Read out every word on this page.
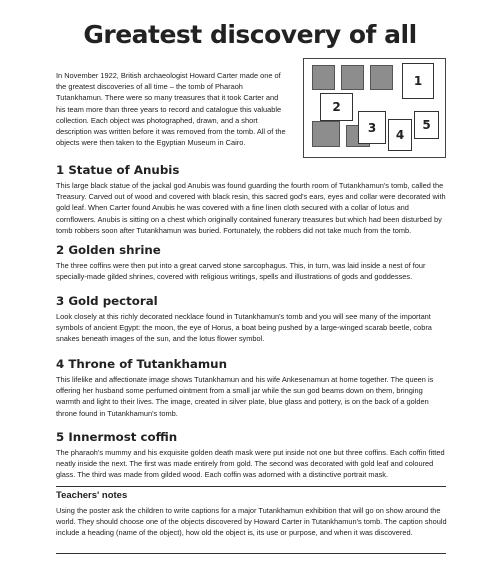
Greatest discovery of all
In November 1922, British archaeologist Howard Carter made one of the greatest discoveries of all time – the tomb of Pharaoh Tutankhamun. There were so many treasures that it took Carter and his team more than three years to record and catalogue this valuable collection. Each object was photographed, drawn, and a short description was written before it was removed from the tomb. All of the objects were then taken to the Egyptian Museum in Cairo.
1
2
3
4
5
1 Statue of Anubis

This large black statue of the jackal god Anubis was found guarding the fourth room of Tutankhamun's tomb, called the Treasury. Carved out of wood and covered with black resin, this sacred god's ears, eyes and collar were decorated with gold leaf. When Carter found Anubis he was covered with a fine linen cloth secured with a collar of lotus and cornflowers. Anubis is sitting on a chest which originally contained funerary treasures but which had been disturbed by tomb robbers soon after Tutankhamun was buried. Fortunately, the robbers did not take much from the tomb.

2 Golden shrine

The three coffins were then put into a great carved stone sarcophagus. This, in turn, was laid inside a nest of four specially-made gilded shrines, covered with religious writings, spells and illustrations of gods and goddesses.

3 Gold pectoral

Look closely at this richly decorated necklace found in Tutankhamun's tomb and you will see many of the important symbols of ancient Egypt: the moon, the eye of Horus, a boat being pushed by a large-winged scarab beetle, cobra snakes beneath images of the sun, and the lotus flower symbol.

4 Throne of Tutankhamun

This lifelike and affectionate image shows Tutankhamun and his wife Ankesenamun at home together. The queen is offering her husband some perfumed ointment from a small jar while the sun god beams down on them, bringing warmth and light to their lives. The image, created in silver plate, blue glass and pottery, is on the back of a golden throne found in Tutankhamun's tomb.

5 Innermost coffin

The pharaoh's mummy and his exquisite golden death mask were put inside not one but three coffins. Each coffin fitted neatly inside the next. The first was made entirely from gold. The second was decorated with gold leaf and coloured glass. The third was made from gilded wood. Each coffin was adorned with a distinctive portrait mask.

Teachers' notes

Using the poster ask the children to write captions for a major Tutankhamun exhibition that will go on show around the world. They should choose one of the objects discovered by Howard Carter in Tutankhamun's tomb. The caption should include a heading (name of the object), how old the object is, its use or purpose, and when it was discovered.
